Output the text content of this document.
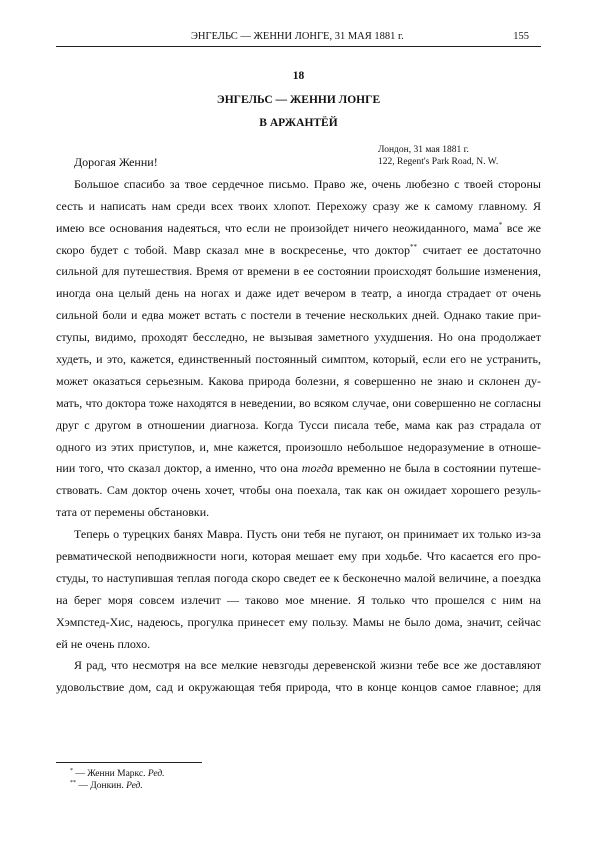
ЭНГЕЛЬС — ЖЕННИ ЛОНГЕ, 31 МАЯ 1881 г.	155
18
ЭНГЕЛЬС — ЖЕННИ ЛОНГЕ
В АРЖАНТЁЙ
Лондон, 31 мая 1881 г.
122, Regent's Park Road, N. W.
Дорогая Женни!
Большое спасибо за твое сердечное письмо. Право же, очень любезно с твоей стороны
сесть и написать нам среди всех твоих хлопот. Перехожу сразу же к самому главному. Я
имею все основания надеяться, что если не произойдет ничего неожиданного, мама* все же
скоро будет с тобой. Мавр сказал мне в воскресенье, что доктор** считает ее достаточно
сильной для путешествия. Время от времени в ее состоянии происходят большие изменения,
иногда она целый день на ногах и даже идет вечером в театр, а иногда страдает от очень
сильной боли и едва может встать с постели в течение нескольких дней. Однако такие при-
ступы, видимо, проходят бесследно, не вызывая заметного ухудшения. Но она продолжает
худеть, и это, кажется, единственный постоянный симптом, который, если его не устранить,
может оказаться серьезным. Какова природа болезни, я совершенно не знаю и склонен ду-
мать, что доктора тоже находятся в неведении, во всяком случае, они совершенно не согласны
друг с другом в отношении диагноза. Когда Тусси писала тебе, мама как раз страдала от
одного из этих приступов, и, мне кажется, произошло небольшое недоразумение в отноше-
нии того, что сказал доктор, а именно, что она тогда временно не была в состоянии путеше-
ствовать. Сам доктор очень хочет, чтобы она поехала, так как он ожидает хорошего резуль-
тата от перемены обстановки.
Теперь о турецких банях Мавра. Пусть они тебя не пугают, он принимает их только из-за
ревматической неподвижности ноги, которая мешает ему при ходьбе. Что касается его про-
студы, то наступившая теплая погода скоро сведет ее к бесконечно малой величине, а поездка
на берег моря совсем излечит — таково мое мнение. Я только что прошелся с ним на
Хэмпстед-Хис, надеюсь, прогулка принесет ему пользу. Мамы не было дома, значит, сейчас
ей не очень плохо.
Я рад, что несмотря на все мелкие невзгоды деревенской жизни тебе все же доставляют
удовольствие дом, сад и окружающая тебя природа, что в конце концов самое главное; для
* — Женни Маркс. Ред.
** — Донкин. Ред.
